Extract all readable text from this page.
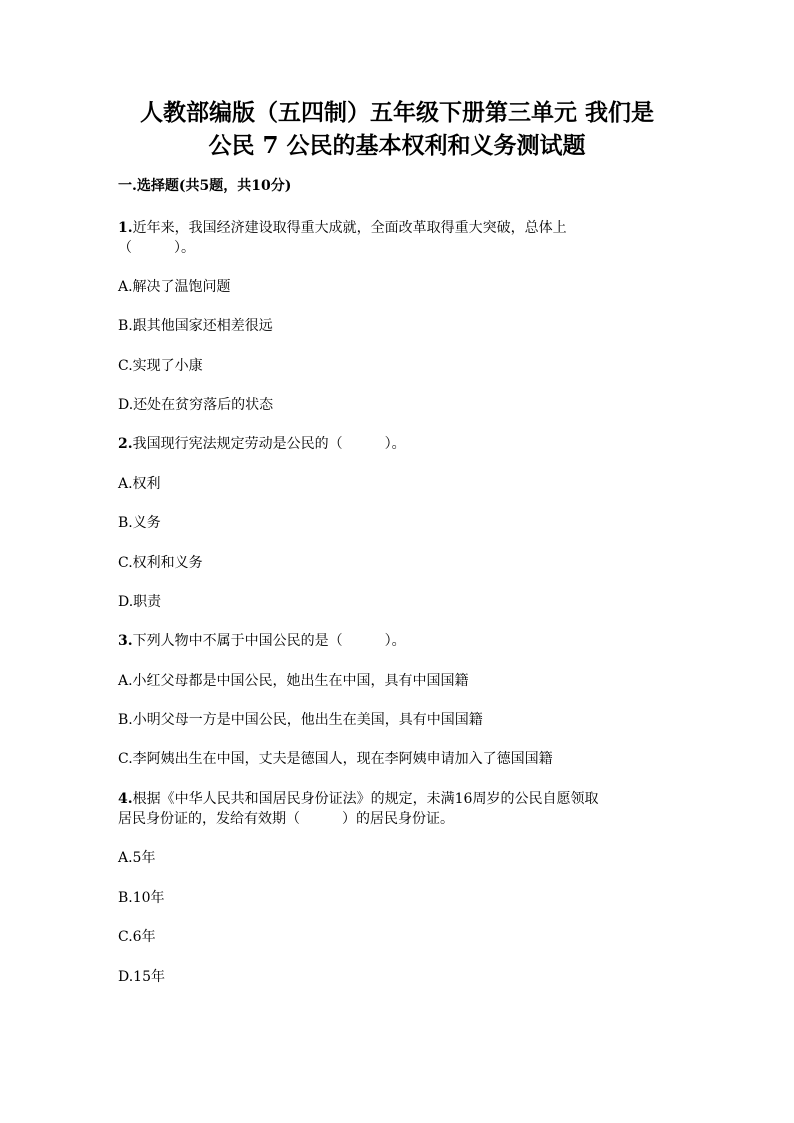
人教部编版（五四制）五年级下册第三单元 我们是
公民 7 公民的基本权利和义务测试题
一.选择题(共5题，共10分)
1.近年来，我国经济建设取得重大成就，全面改革取得重大突破，总体上
（　　　）。
A.解决了温饱问题
B.跟其他国家还相差很远
C.实现了小康
D.还处在贫穷落后的状态
2.我国现行宪法规定劳动是公民的（　　　）。
A.权利
B.义务
C.权利和义务
D.职责
3.下列人物中不属于中国公民的是（　　　）。
A.小红父母都是中国公民，她出生在中国，具有中国国籍
B.小明父母一方是中国公民，他出生在美国，具有中国国籍
C.李阿姨出生在中国，丈夫是德国人，现在李阿姨申请加入了德国国籍
4.根据《中华人民共和国居民身份证法》的规定，未满16周岁的公民自愿领取
居民身份证的，发给有效期（　　　）的居民身份证。
A.5年
B.10年
C.6年
D.15年
